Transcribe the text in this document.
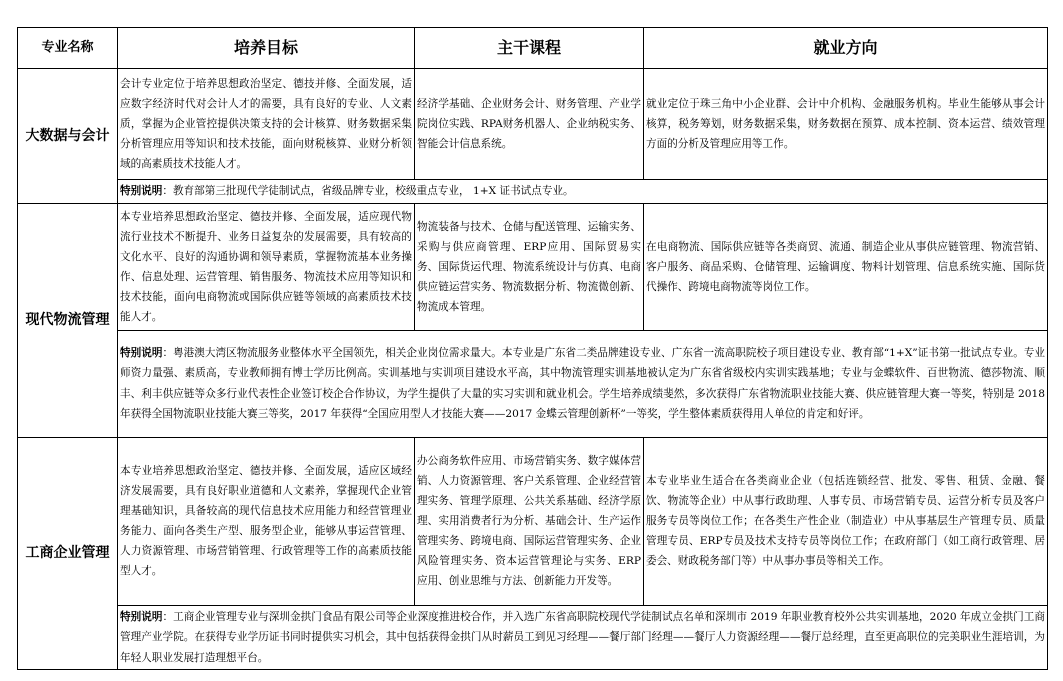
专业名称	培养目标	主干课程	就业方向
大数据与会计	会计专业定位于培养思想政治坚定、德技并修、全面发展，适应数字经济时代对会计人才的需要，具有良好的专业、人文素质，掌握为企业管控提供决策支持的会计核算、财务数据采集分析管理应用等知识和技术技能，面向财税核算、业财分析领域的高素质技术技能人才。	经济学基础、企业财务会计、财务管理、产业学院岗位实践、RPA财务机器人、企业纳税实务、智能会计信息系统。	就业定位于珠三角中小企业群、会计中介机构、金融服务机构。毕业生能够从事会计核算，税务筹划，财务数据采集，财务数据在预算、成本控制、资本运营、绩效管理方面的分析及管理应用等工作。
	特别说明：教育部第三批现代学徒制试点，省级品牌专业，校级重点专业， 1+X 证书试点专业。		
现代物流管理	本专业培养思想政治坚定、德技并修、全面发展，适应现代物流行业技术不断提升、业务日益复杂的发展需要，具有较高的文化水平、良好的沟通协调和领导素质，掌握物流基本业务操作、信息处理、运营管理、销售服务、物流技术应用等知识和技术技能，面向电商物流或国际供应链等领域的高素质技术技能人才。	物流装备与技术、仓储与配送管理、运输实务、采购与供应商管理、ERP应用、国际贸易实务、国际货运代理、物流系统设计与仿真、电商供应链运营实务、物流数据分析、物流微创新、物流成本管理。	在电商物流、国际供应链等各类商贸、流通、制造企业从事供应链管理、物流营销、客户服务、商品采购、仓储管理、运输调度、物料计划管理、信息系统实施、国际货代操作、跨境电商物流等岗位工作。
	特别说明：粤港澳大湾区物流服务业整体水平全国领先，相关企业岗位需求量大。本专业是广东省二类品牌建设专业、广东省一流高职院校子项目建设专业、教育部“1+X”证书第一批试点专业。专业师资力量强、素质高，专业教师拥有博士学历比例高。实训基地与实训项目建设水平高，其中物流管理实训基地被认定为广东省省级校内实训实践基地；专业与金蝶软件、百世物流、德莎物流、顺丰、利丰供应链等众多行业代表性企业签订校企合作协议，为学生提供了大量的实习实训和就业机会。学生培养成绩斐然，多次获得广东省物流职业技能大赛、供应链管理大赛一等奖，特别是 2018 年获得全国物流职业技能大赛三等奖，2017 年获得“全国应用型人才技能大赛——2017 金蝶云管理创新杯”一等奖，学生整体素质获得用人单位的肯定和好评。		
工商企业管理	本专业培养思想政治坚定、德技并修、全面发展，适应区域经济发展需要，具有良好职业道德和人文素养，掌握现代企业管理基础知识，具备较高的现代信息技术应用能力和经营管理业务能力、面向各类生产型、服务型企业，能够从事运营管理、人力资源管理、市场营销管理、行政管理等工作的高素质技能型人才。	办公商务软件应用、市场营销实务、数字媒体营销、人力资源管理、客户关系管理、企业经营管理实务、管理学原理、公共关系基础、经济学原理、实用消费者行为分析、基础会计、生产运作管理实务、跨境电商、国际运营管理实务、企业风险管理实务、资本运营管理论与实务、ERP应用、创业思维与方法、创新能力开发等。	本专业毕业生适合在各类商业企业（包括连锁经营、批发、零售、租赁、金融、餐饮、物流等企业）中从事行政助理、人事专员、市场营销专员、运营分析专员及客户服务专员等岗位工作；在各类生产性企业（制造业）中从事基层生产管理专员、质量管理专员、ERP专员及技术支持专员等岗位工作；在政府部门（如工商行政管理、居委会、财政税务部门等）中从事办事员等相关工作。
	特别说明：工商企业管理专业与深圳金拱门食品有限公司等企业深度推进校合作，并入选广东省高职院校现代学徒制试点名单和深圳市 2019 年职业教育校外公共实训基地，2020 年成立金拱门工商管理产业学院。在获得专业学历证书同时提供实习机会，其中包括获得金拱门从时薪员工到见习经理——餐厅部门经理——餐厅人力资源经理——餐厅总经理，直至更高职位的完美职业生涯培训，为年轻人职业发展打造理想平台。		
